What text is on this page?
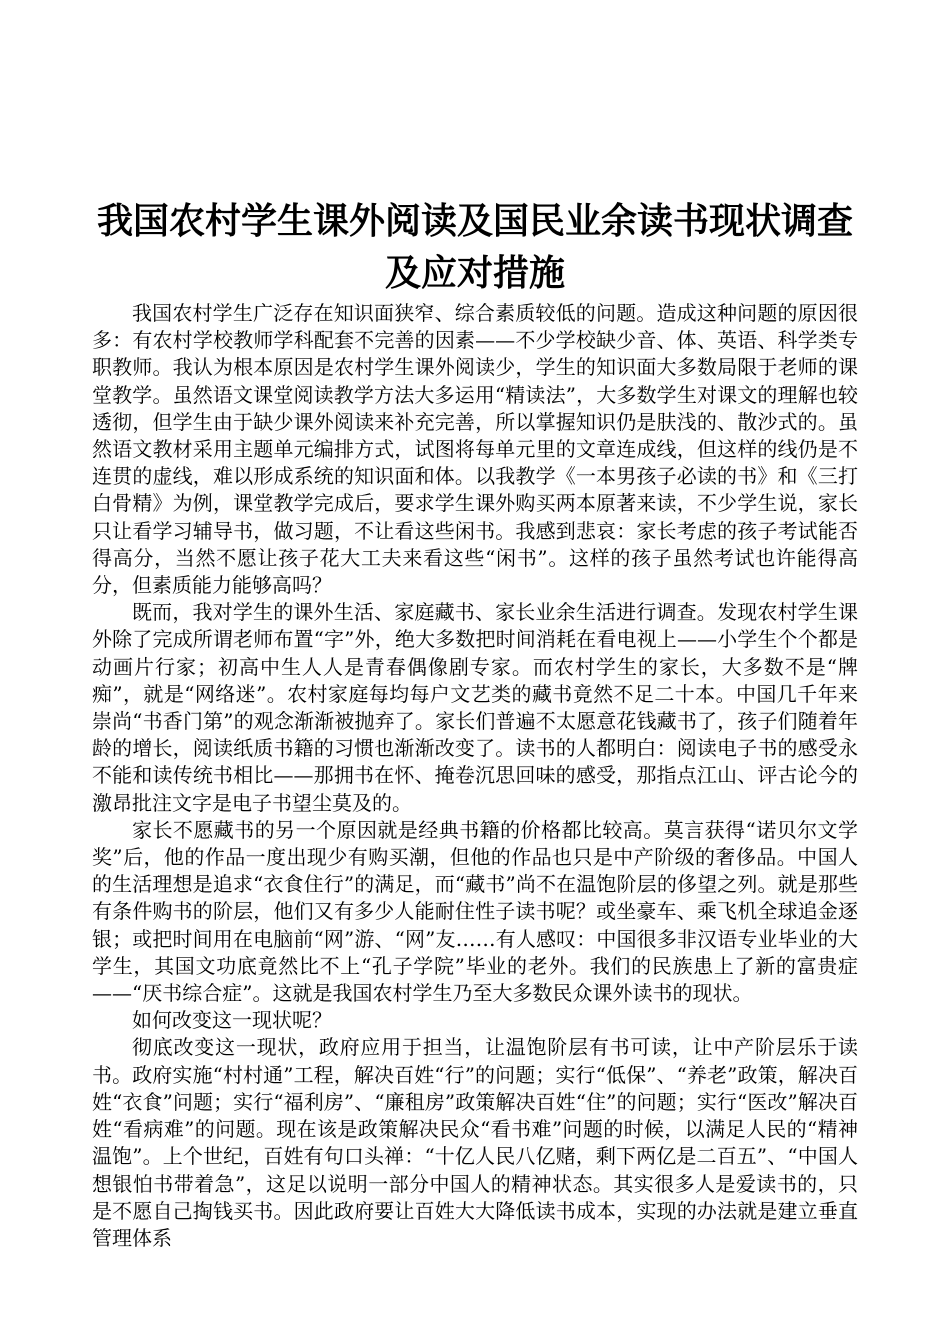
我国农村学生课外阅读及国民业余读书现状调查及应对措施

我国农村学生广泛存在知识面狭窄、综合素质较低的问题。造成这种问题的原因很多：有农村学校教师学科配套不完善的因素——不少学校缺少音、体、英语、科学类专职教师。我认为根本原因是农村学生课外阅读少，学生的知识面大多数局限于老师的课堂教学。虽然语文课堂阅读教学方法大多运用“精读法”，大多数学生对课文的理解也较透彻，但学生由于缺少课外阅读来补充完善，所以掌握知识仍是肤浅的、散沙式的。虽然语文教材采用主题单元编排方式，试图将每单元里的文章连成线，但这样的线仍是不连贯的虚线，难以形成系统的知识面和体。以我教学《一本男孩子必读的书》和《三打白骨精》为例，课堂教学完成后，要求学生课外购买两本原著来读，不少学生说，家长只让看学习辅导书，做习题，不让看这些闲书。我感到悲哀：家长考虑的孩子考试能否得高分，当然不愿让孩子花大工夫来看这些“闲书”。这样的孩子虽然考试也许能得高分，但素质能力能够高吗？

既而，我对学生的课外生活、家庭藏书、家长业余生活进行调查。发现农村学生课外除了完成所谓老师布置“字”外，绝大多数把时间消耗在看电视上——小学生个个都是动画片行家；初高中生人人是青春偶像剧专家。而农村学生的家长，大多数不是“牌痴”，就是“网络迷”。农村家庭每均每户文艺类的藏书竟然不足二十本。中国几千年来崇尚“书香门第”的观念渐渐被抛弃了。家长们普遍不太愿意花钱藏书了，孩子们随着年龄的增长，阅读纸质书籍的习惯也渐渐改变了。读书的人都明白：阅读电子书的感受永不能和读传统书相比——那拥书在怀、掩卷沉思回味的感受，那指点江山、评古论今的激昂批注文字是电子书望尘莫及的。

家长不愿藏书的另一个原因就是经典书籍的价格都比较高。莫言获得“诺贝尔文学奖”后，他的作品一度出现少有购买潮，但他的作品也只是中产阶级的奢侈品。中国人的生活理想是追求“衣食住行”的满足，而“藏书”尚不在温饱阶层的侈望之列。就是那些有条件购书的阶层，他们又有多少人能耐住性子读书呢？或坐豪车、乘飞机全球追金逐银；或把时间用在电脑前“网”游、“网”友……有人感叹：中国很多非汉语专业毕业的大学生，其国文功底竟然比不上“孔子学院”毕业的老外。我们的民族患上了新的富贵症——“厌书综合症”。这就是我国农村学生乃至大多数民众课外读书的现状。

如何改变这一现状呢？

彻底改变这一现状，政府应用于担当，让温饱阶层有书可读，让中产阶层乐于读书。政府实施“村村通”工程，解决百姓“行”的问题；实行“低保”、“养老”政策，解决百姓“衣食”问题；实行“福利房”、“廉租房”政策解决百姓“住”的问题；实行“医改”解决百姓“看病难”的问题。现在该是政策解决民众“看书难”问题的时候，以满足人民的“精神温饱”。上个世纪，百姓有句口头禅：“十亿人民八亿赌，剩下两亿是二百五”、“中国人想银怕书带着急”，这足以说明一部分中国人的精神状态。其实很多人是爱读书的，只是不愿自己掏钱买书。因此政府要让百姓大大降低读书成本，实现的办法就是建立垂直管理体系
